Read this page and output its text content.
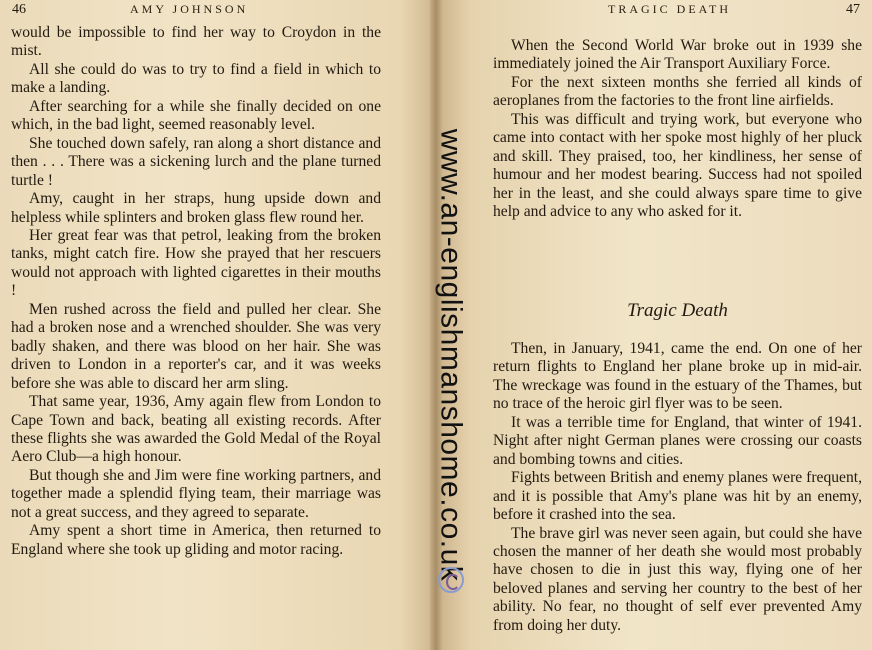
46	AMY JOHNSON	TRAGIC DEATH	47

would be impossible to find her way to Croydon in the mist.

All she could do was to try to find a field in which to make a landing.

After searching for a while she finally decided on one which, in the bad light, seemed reasonably level.

She touched down safely, ran along a short distance and then . . . There was a sickening lurch and the plane turned turtle !

Amy, caught in her straps, hung upside down and helpless while splinters and broken glass flew round her.

Her great fear was that petrol, leaking from the broken tanks, might catch fire. How she prayed that her rescuers would not approach with lighted cigarettes in their mouths !

Men rushed across the field and pulled her clear. She had a broken nose and a wrenched shoulder. She was very badly shaken, and there was blood on her hair. She was driven to London in a reporter's car, and it was weeks before she was able to discard her arm sling.

That same year, 1936, Amy again flew from London to Cape Town and back, beating all existing records. After these flights she was awarded the Gold Medal of the Royal Aero Club—a high honour.

But though she and Jim were fine working partners, and together made a splendid flying team, their marriage was not a great success, and they agreed to separate.

Amy spent a short time in America, then returned to England where she took up gliding and motor racing.

When the Second World War broke out in 1939 she immediately joined the Air Transport Auxiliary Force.

For the next sixteen months she ferried all kinds of aeroplanes from the factories to the front line airfields.

This was difficult and trying work, but everyone who came into contact with her spoke most highly of her pluck and skill. They praised, too, her kindliness, her sense of humour and her modest bearing. Success had not spoiled her in the least, and she could always spare time to give help and advice to any who asked for it.

Tragic Death

Then, in January, 1941, came the end. On one of her return flights to England her plane broke up in mid-air. The wreckage was found in the estuary of the Thames, but no trace of the heroic girl flyer was to be seen.

It was a terrible time for England, that winter of 1941. Night after night German planes were crossing our coasts and bombing towns and cities.

Fights between British and enemy planes were frequent, and it is possible that Amy's plane was hit by an enemy, before it crashed into the sea.

The brave girl was never seen again, but could she have chosen the manner of her death she would most probably have chosen to die in just this way, flying one of her beloved planes and serving her country to the best of her ability. No fear, no thought of self ever prevented Amy from doing her duty.

www.an-englishmanshome.co.uk
